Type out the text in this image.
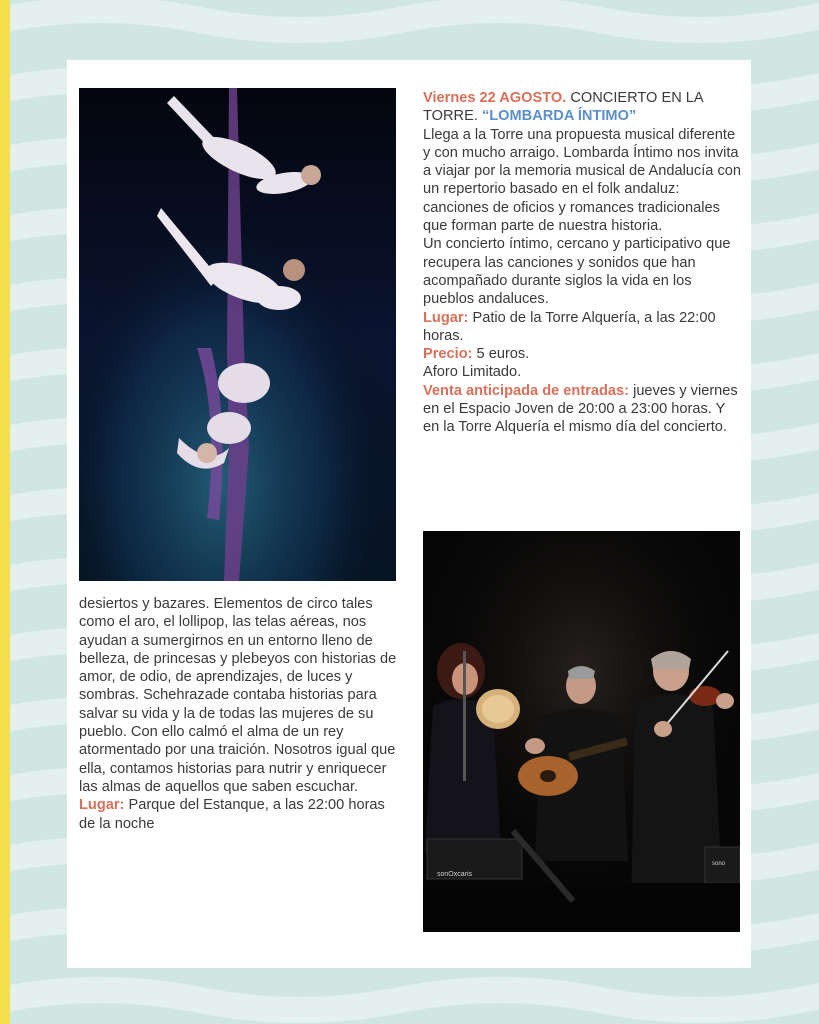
Viernes 22 AGOSTO. CONCIERTO EN LA TORRE. “LOMBARDA ÍNTIMO”

Llega a la Torre una propuesta musical diferente y con mucho arraigo. Lombarda Íntimo nos invita a viajar por la memoria musical de Andalucía con un repertorio basado en el folk andaluz: canciones de oficios y romances tradicionales que forman parte de nuestra historia.

Un concierto íntimo, cercano y participativo que recupera las canciones y sonidos que han acompañado durante siglos la vida en los pueblos andaluces.

Lugar: Patio de la Torre Alquería, a las 22:00 horas.

Precio: 5 euros.

Aforo Limitado.

Venta anticipada de entradas: jueves y viernes en el Espacio Joven de 20:00 a 23:00 horas. Y en la Torre Alquería el mismo día del concierto.

sonOxcaris
sono

desiertos y bazares. Elementos de circo tales como el aro, el lollipop, las telas aéreas, nos ayudan a sumergirnos en un entorno lleno de belleza, de princesas y plebeyos con historias de amor, de odio, de aprendizajes, de luces y sombras. Schehrazade contaba historias para salvar su vida y la de todas las mujeres de su pueblo. Con ello calmó el alma de un rey atormentado por una traición. Nosotros igual que ella, contamos historias para nutrir y enriquecer las almas de aquellos que saben escuchar.

Lugar: Parque del Estanque, a las 22:00 horas de la noche
